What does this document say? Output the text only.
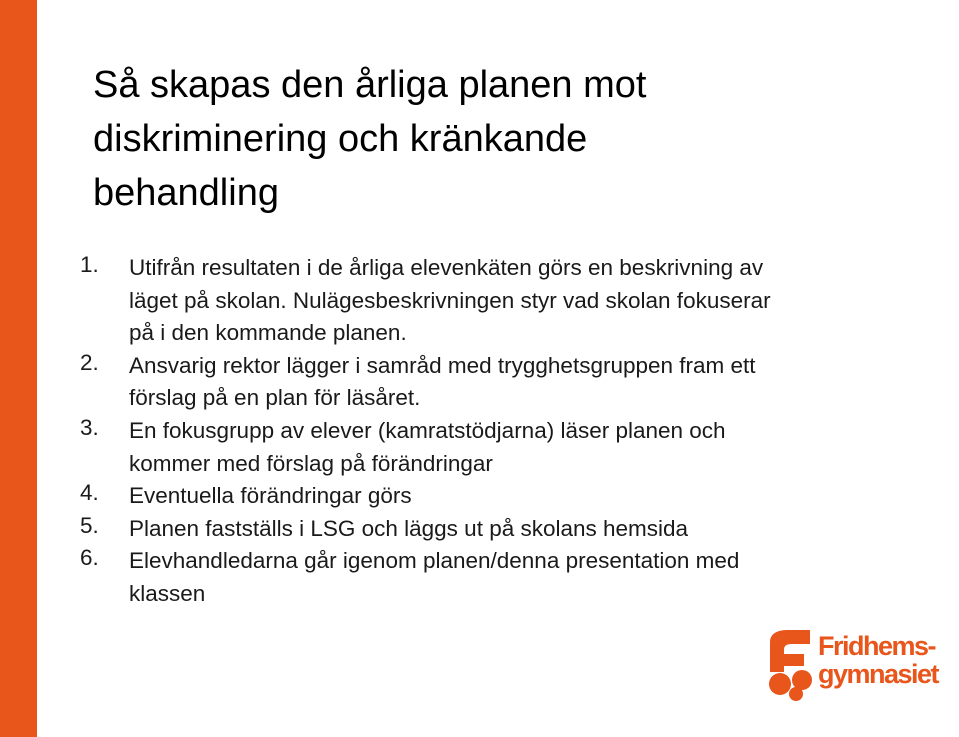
Så skapas den årliga planen mot
diskriminering och kränkande
behandling
1.	Utifrån resultaten i de årliga elevenkäten görs en beskrivning av
läget på skolan. Nulägesbeskrivningen styr vad skolan fokuserar
på i den kommande planen.
2.	Ansvarig rektor lägger i samråd med trygghetsgruppen fram ett
förslag på en plan för läsåret.
3.	En fokusgrupp av elever (kamratstödjarna) läser planen och
kommer med förslag på förändringar
4.	Eventuella förändringar görs
5.	Planen fastställs i LSG och läggs ut på skolans hemsida
6.	Elevhandledarna går igenom planen/denna presentation med
klassen
Fridhems-
gymnasiet
